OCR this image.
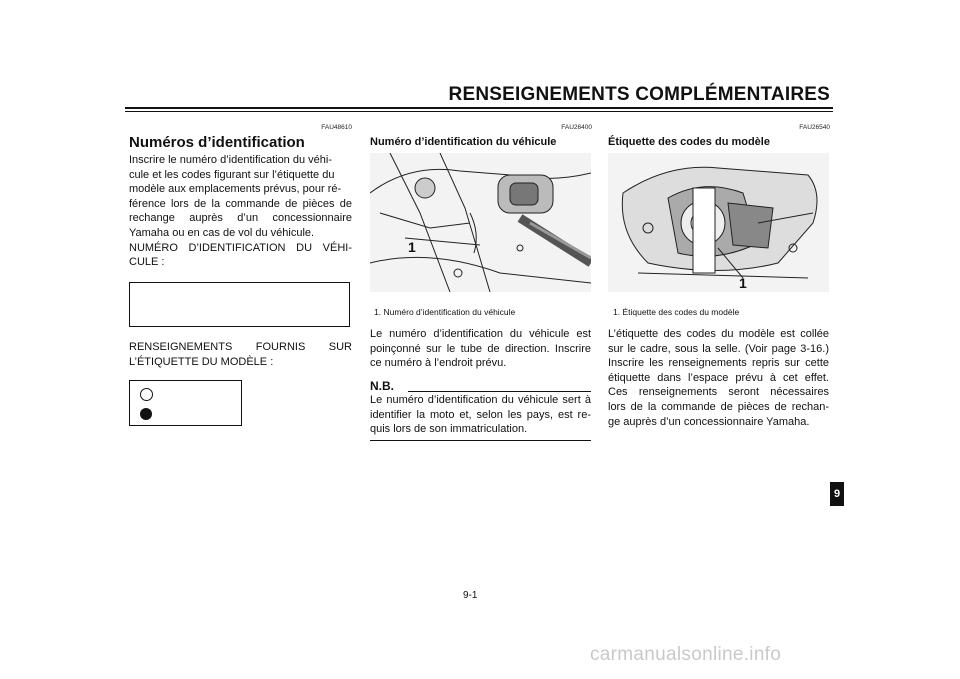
RENSEIGNEMENTS COMPLÉMENTAIRES
FAU48610
Numéros d’identification
Inscrire le numéro d’identification du véhi-
cule et les codes figurant sur l’étiquette du
modèle aux emplacements prévus, pour ré-
férence lors de la commande de pièces de
rechange auprès d’un concessionnaire
Yamaha ou en cas de vol du véhicule.
NUMÉRO D’IDENTIFICATION DU VÉHI-
CULE :
RENSEIGNEMENTS FOURNIS SUR
L’ÉTIQUETTE DU MODÈLE :
FAU26400
Numéro d’identification du véhicule
1
1. Numéro d’identification du véhicule
Le numéro d’identification du véhicule est
poinçonné sur le tube de direction. Inscrire
ce numéro à l’endroit prévu.
N.B.
Le numéro d’identification du véhicule sert à
identifier la moto et, selon les pays, est re-
quis lors de son immatriculation.
FAU26540
Étiquette des codes du modèle
1
1. Étiquette des codes du modèle
L’étiquette des codes du modèle est collée
sur le cadre, sous la selle. (Voir page 3-16.)
Inscrire les renseignements repris sur cette
étiquette dans l’espace prévu à cet effet.
Ces renseignements seront nécessaires
lors de la commande de pièces de rechan-
ge auprès d’un concessionnaire Yamaha.
9
9-1
carmanualsonline.info
